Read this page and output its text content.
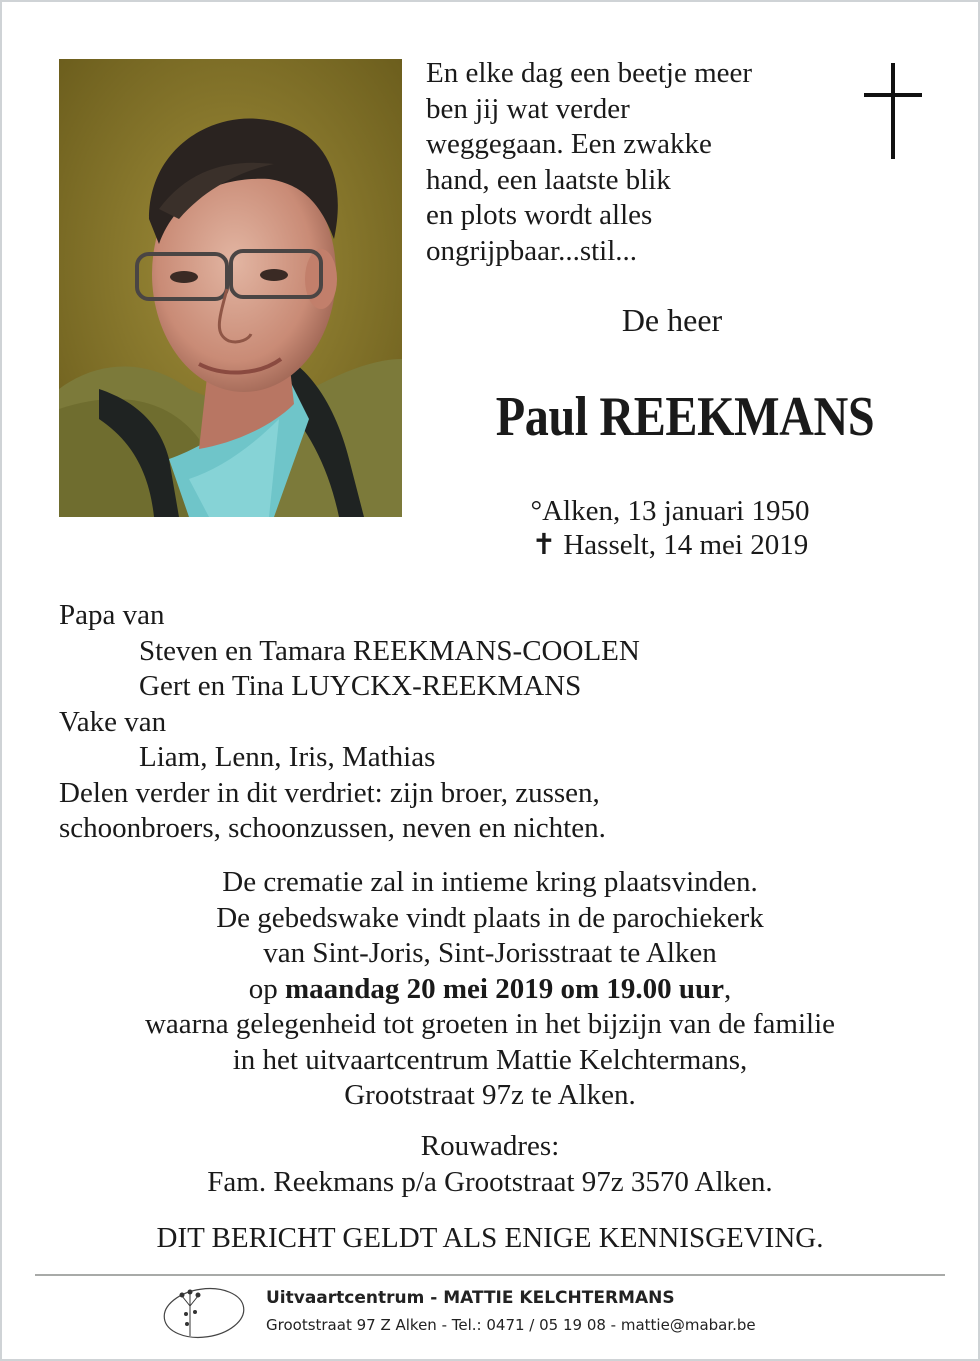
En elke dag een beetje meer
ben jij wat verder
weggegaan. Een zwakke
hand, een laatste blik
en plots wordt alles
ongrijpbaar...stil...
De heer
Paul REEKMANS
°Alken, 13 januari 1950
✝ Hasselt, 14 mei 2019
Papa van
Steven en Tamara REEKMANS-COOLEN
Gert en Tina LUYCKX-REEKMANS
Vake van
Liam, Lenn, Iris, Mathias
Delen verder in dit verdriet: zijn broer, zussen,
schoonbroers, schoonzussen, neven en nichten.
De crematie zal in intieme kring plaatsvinden.
De gebedswake vindt plaats in de parochiekerk
van Sint-Joris, Sint-Jorisstraat te Alken
op maandag 20 mei 2019 om 19.00 uur,
waarna gelegenheid tot groeten in het bijzijn van de familie
in het uitvaartcentrum Mattie Kelchtermans,
Grootstraat 97z te Alken.
Rouwadres:
Fam. Reekmans p/a Grootstraat 97z 3570 Alken.
DIT BERICHT GELDT ALS ENIGE KENNISGEVING.
Uitvaartcentrum - MATTIE KELCHTERMANS
Grootstraat 97 Z Alken - Tel.: 0471 / 05 19 08 - mattie@mabar.be
